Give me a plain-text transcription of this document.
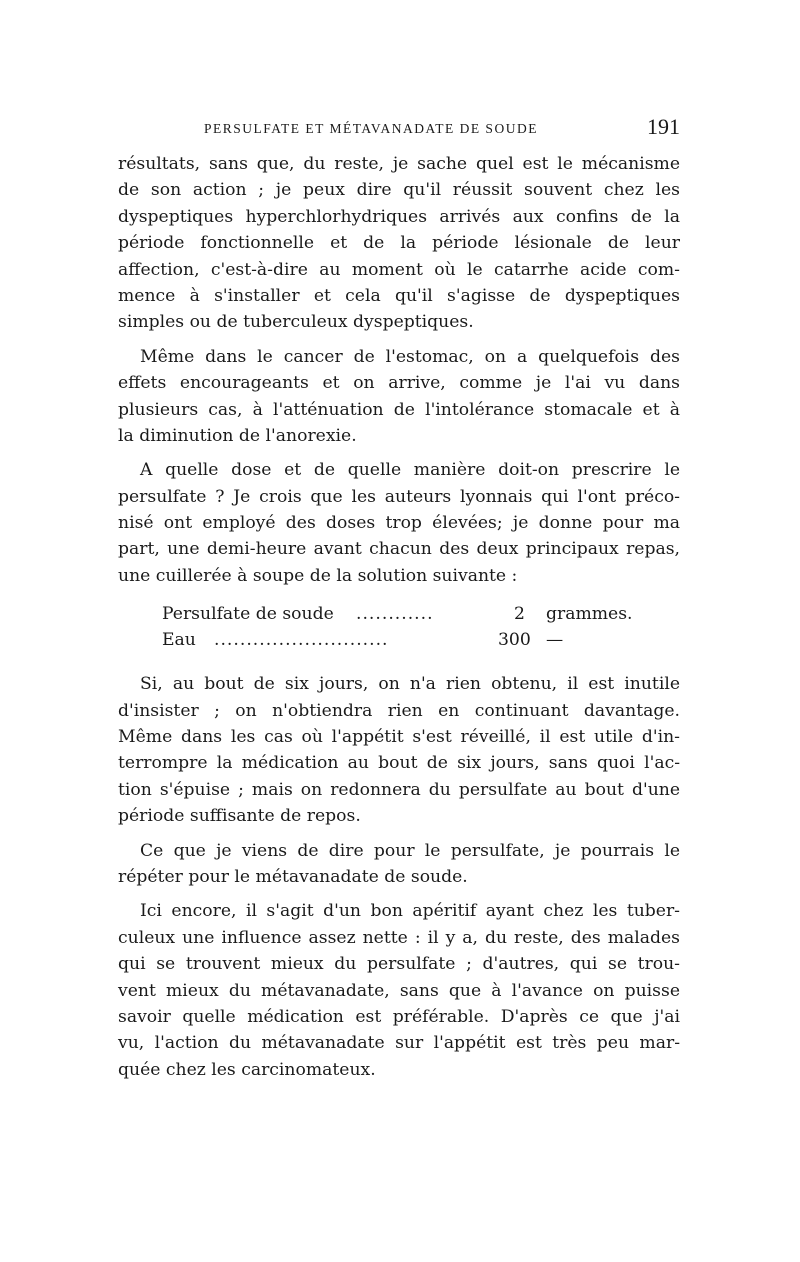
PERSULFATE ET MÉTAVANADATE DE SOUDE	191

résultats, sans que, du reste, je sache quel est le mécanisme
de son action ; je peux dire qu'il réussit souvent chez les
dyspeptiques hyperchlorhydriques arrivés aux confins de la
période fonctionnelle et de la période lésionale de leur
affection, c'est-à-dire au moment où le catarrhe acide com-
mence à s'installer et cela qu'il s'agisse de dyspeptiques
simples ou de tuberculeux dyspeptiques.

Même dans le cancer de l'estomac, on a quelquefois des
effets encourageants et on arrive, comme je l'ai vu dans
plusieurs cas, à l'atténuation de l'intolérance stomacale et à
la diminution de l'anorexie.

A quelle dose et de quelle manière doit-on prescrire le
persulfate ? Je crois que les auteurs lyonnais qui l'ont préco-
nisé ont employé des doses trop élevées; je donne pour ma
part, une demi-heure avant chacun des deux principaux repas,
une cuillerée à soupe de la solution suivante :

Persulfate de soude ............	2 grammes.
Eau ...........................	300 —

Si, au bout de six jours, on n'a rien obtenu, il est inutile
d'insister ; on n'obtiendra rien en continuant davantage.
Même dans les cas où l'appétit s'est réveillé, il est utile d'in-
terrompre la médication au bout de six jours, sans quoi l'ac-
tion s'épuise ; mais on redonnera du persulfate au bout d'une
période suffisante de repos.

Ce que je viens de dire pour le persulfate, je pourrais le
répéter pour le métavanadate de soude.

Ici encore, il s'agit d'un bon apéritif ayant chez les tuber-
culeux une influence assez nette : il y a, du reste, des malades
qui se trouvent mieux du persulfate ; d'autres, qui se trou-
vent mieux du métavanadate, sans que à l'avance on puisse
savoir quelle médication est préférable. D'après ce que j'ai
vu, l'action du métavanadate sur l'appétit est très peu mar-
quée chez les carcinomateux.
